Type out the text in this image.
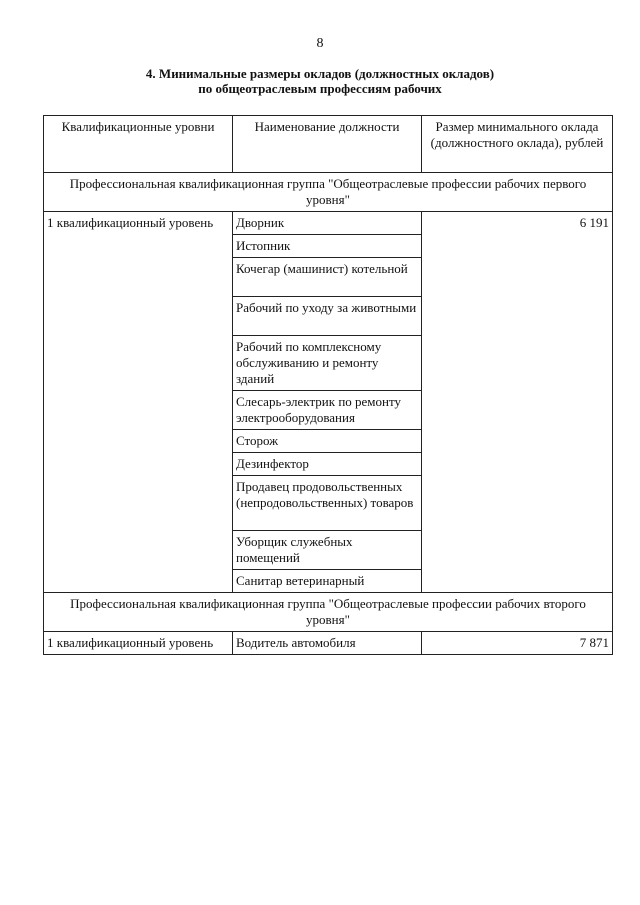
8
4. Минимальные размеры окладов (должностных окладов)
по общеотраслевым профессиям рабочих
Квалификационные уровни	Наименование должности	Размер минимального оклада (должностного оклада), рублей
Профессиональная квалификационная группа "Общеотраслевые профессии рабочих первого уровня"		
1 квалификационный уровень	Дворник	6 191
	Истопник	
	Кочегар (машинист) котельной	
	Рабочий по уходу за животными	
	Рабочий по комплексному обслуживанию и ремонту зданий	
	Слесарь-электрик по ремонту электрооборудования	
	Сторож	
	Дезинфектор	
	Продавец продовольственных (непродовольственных) товаров	
	Уборщик служебных помещений	
	Санитар ветеринарный	
Профессиональная квалификационная группа "Общеотраслевые профессии рабочих второго уровня"		
1 квалификационный уровень	Водитель автомобиля	7 871
